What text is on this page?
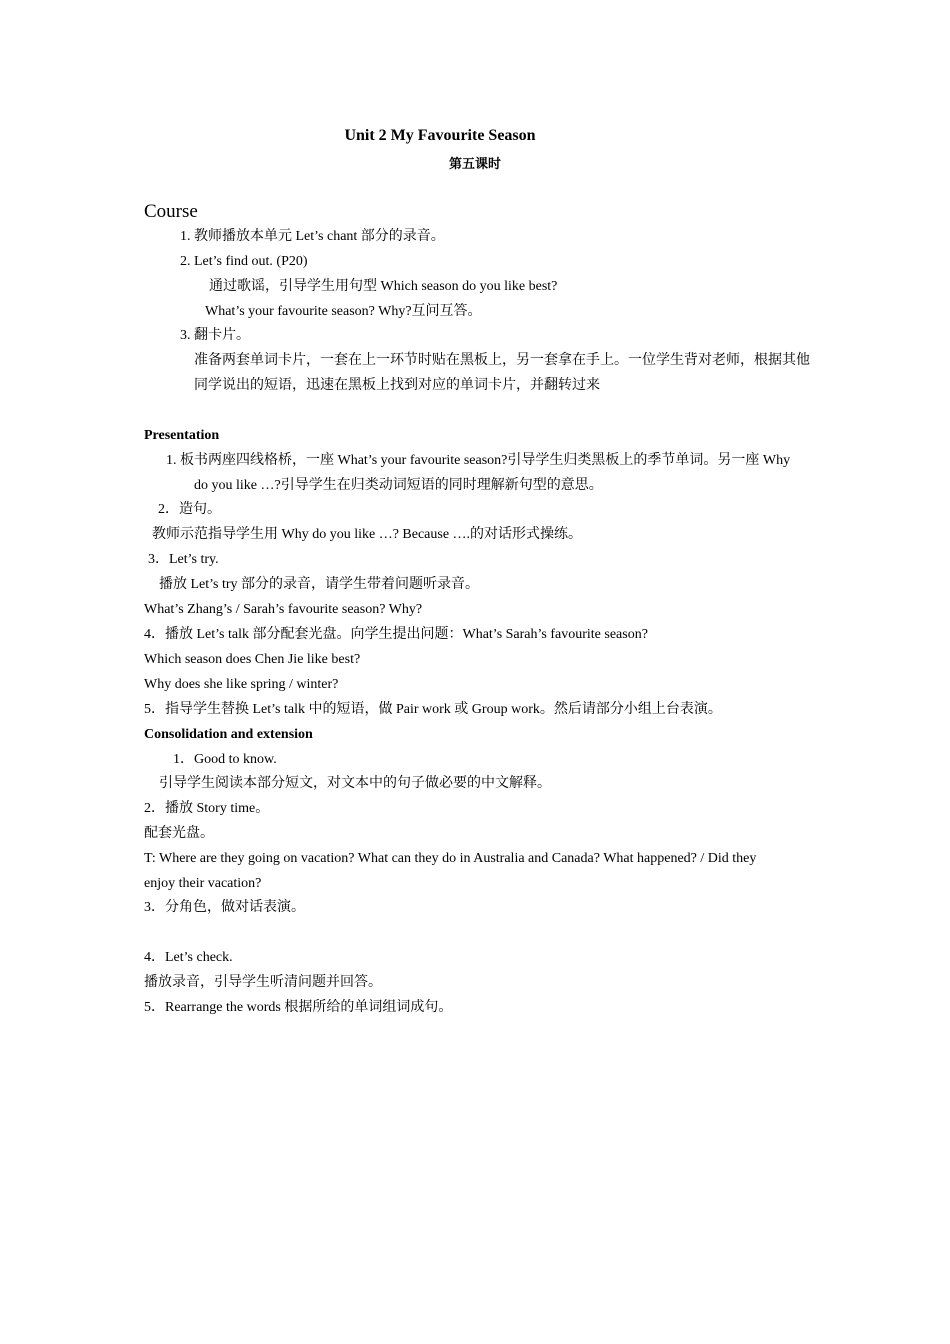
Unit 2 My Favourite Season
第五课时
Course
1. 教师播放本单元 Let’s chant 部分的录音。
2. Let’s find out. (P20)
通过歌谣，引导学生用句型 Which season do you like best?
What’s your favourite season? Why?互问互答。
3. 翻卡片。
准备两套单词卡片，一套在上一环节时贴在黑板上，另一套拿在手上。一位学生背对老师，根据其他
同学说出的短语，迅速在黑板上找到对应的单词卡片，并翻转过来
Presentation
1. 板书两座四线格桥，一座 What’s your favourite season?引导学生归类黑板上的季节单词。另一座 Why
do you like …?引导学生在归类动词短语的同时理解新句型的意思。
2．造句。
教师示范指导学生用 Why do you like …? Because ….的对话形式操练。
3．Let’s try.
播放 Let’s try 部分的录音，请学生带着问题听录音。
What’s Zhang’s / Sarah’s favourite season? Why?
4．播放 Let’s talk 部分配套光盘。向学生提出问题：What’s Sarah’s favourite season?
Which season does Chen Jie like best?
Why does she like spring / winter?
5．指导学生替换 Let’s talk 中的短语，做 Pair work 或 Group work。然后请部分小组上台表演。
Consolidation and extension
1．Good to know.
引导学生阅读本部分短文，对文本中的句子做必要的中文解释。
2．播放 Story time。
配套光盘。
T: Where are they going on vacation? What can they do in Australia and Canada? What happened? / Did they
enjoy their vacation?
3．分角色，做对话表演。
4．Let’s check.
播放录音，引导学生听清问题并回答。
5．Rearrange the words 根据所给的单词组词成句。
